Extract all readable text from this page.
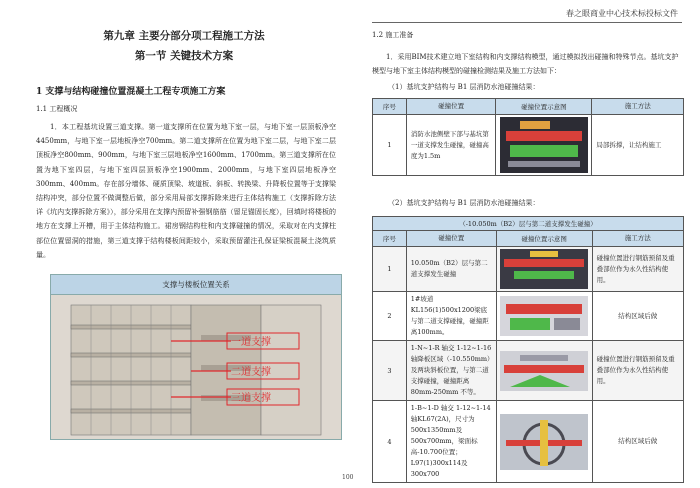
春之眼商业中心技术标投标文件
第九章 主要分部分项工程施工方法
第一节 关键技术方案
1 支撑与结构碰撞位置混凝土工程专项施工方案
1.1 工程概况
1．本工程基坑设置三道支撑。第一道支撑所在位置为地下室一层，与地下室一层顶板净空4450mm，与地下室一层地板净空700mm。第二道支撑所在位置为地下室二层，与地下室二层顶板净空800mm、900mm，与地下室三层地板净空1600mm、1700mm。第三道支撑所在位置为地下室四层，与地下室四层顶板净空1900mm、2000mm，与地下室四层地板净空300mm、400mm。存在部分墙体、硬质顶梁、坡道板、斜板、转换梁、升降板位置等于支撑梁结构冲突，部分位置不做调整后做，部分采用局部支撑拆除来进行主体结构施工（支撑拆除方法详《坑内支撑拆除方案》），部分采用在支撑内预留补强钢筋筋（留足锚固长度），回填时将楼板的地方在支撑上开槽，用于主体结构施工。裙房钢结构柱和内支撑碰撞的情况，采取对在内支撑柱部位位置留洞的措施，第三道支撑于结构楼板间距较小，采取预留灌注孔保证梁板混凝土浇筑质量。
支撑与楼板位置关系
一道支撑
二道支撑
三道支撑
100
1.2 施工准备
1．采用BIM技术建立地下室结构和内支撑结构模型，通过模拟找出碰撞和特殊节点。基坑支护模型与地下室主体结构模型的碰撞检测结果及施工方法如下：
（1）基坑支护结构与 B1 层消防水池碰撞结果：
序号	碰撞位置	碰撞位置示意图	施工方法
1	消防水池侧壁下部与基坑第一道支撑发生碰撞，碰撞高度为1.5m		局部拆撑，让结构施工
（2）基坑支护结构与 B1 层消防水池碰撞结果：
（-10.050m（B2）层与第二道支撑发生碰撞）			
序号	碰撞位置	碰撞位置示意图	施工方法
1	10.050m（B2）层与第二道支撑发生碰撞		碰撞位置进行钢筋预留及重叠部位作为永久性结构使用。
2	1#坡道 KL156(1)500x1200梁底与第二道支撑碰撞，碰撞距离100mm。		结构区域后做
3	1-N~1-R 轴交 1-12~1-16轴降板区域（-10.550mm）及两块斜板位置，与第二道支撑碰撞，碰撞距离 80mm-250mm 不等。		碰撞位置进行钢筋预留及重叠部位作为永久性结构使用。
4	1-B~1-D 轴交 1-12~1-14轴KL67(2A)，尺寸为 500x1350mm及500x700mm，梁面标高-10.700位置；L97(1)300x114及300x700		结构区域后做
